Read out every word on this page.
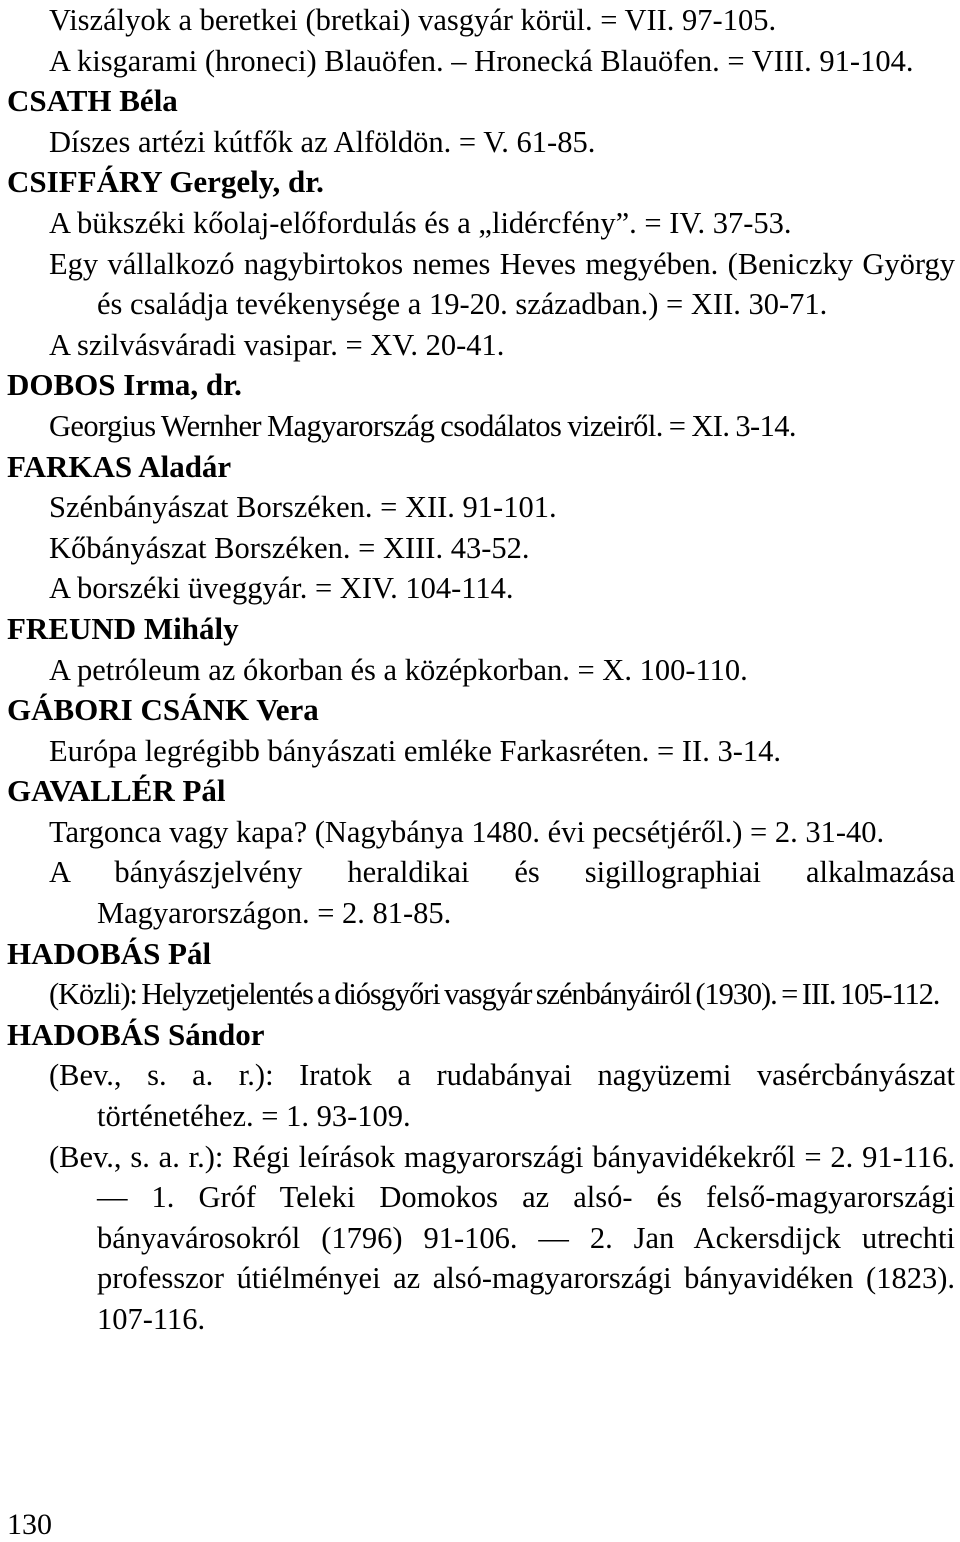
Viszályok a beretkei (bretkai) vasgyár körül. = VII. 97-105.

A kisgarami (hroneci) Blauöfen. – Hronecká Blauöfen. = VIII. 91-104.

CSATH Béla

Díszes artézi kútfők az Alföldön. = V. 61-85.

CSIFFÁRY Gergely, dr.

A bükszéki kőolaj-előfordulás és a „lidércfény”. = IV. 37-53.

Egy vállalkozó nagybirtokos nemes Heves megyében. (Beniczky György és családja tevékenysége a 19-20. században.) = XII. 30-71.

A szilvásváradi vasipar. = XV. 20-41.

DOBOS Irma, dr.

Georgius Wernher Magyarország csodálatos vizeiről. = XI. 3-14.

FARKAS Aladár

Szénbányászat Borszéken. = XII. 91-101.

Kőbányászat Borszéken. = XIII. 43-52.

A borszéki üveggyár. = XIV. 104-114.

FREUND Mihály

A petróleum az ókorban és a középkorban. = X. 100-110.

GÁBORI CSÁNK Vera

Európa legrégibb bányászati emléke Farkasréten. = II. 3-14.

GAVALLÉR Pál

Targonca vagy kapa? (Nagybánya 1480. évi pecsétjéről.) = 2. 31-40.

A bányászjelvény heraldikai és sigillographiai alkalmazása Magyarországon. = 2. 81-85.

HADOBÁS Pál

(Közli): Helyzetjelentés a diósgyőri vasgyár szénbányáiról (1930). = III. 105-112.

HADOBÁS Sándor

(Bev., s. a. r.): Iratok a rudabányai nagyüzemi vasércbányászat történetéhez. = 1. 93-109.

(Bev., s. a. r.): Régi leírások magyarországi bányavidékekről = 2. 91-116. — 1. Gróf Teleki Domokos az alsó- és felső-magyarországi bányavárosokról (1796) 91-106. — 2. Jan Ackersdijck utrechti professzor útiélményei az alsó-magyarországi bányavidéken (1823). 107-116.

130
